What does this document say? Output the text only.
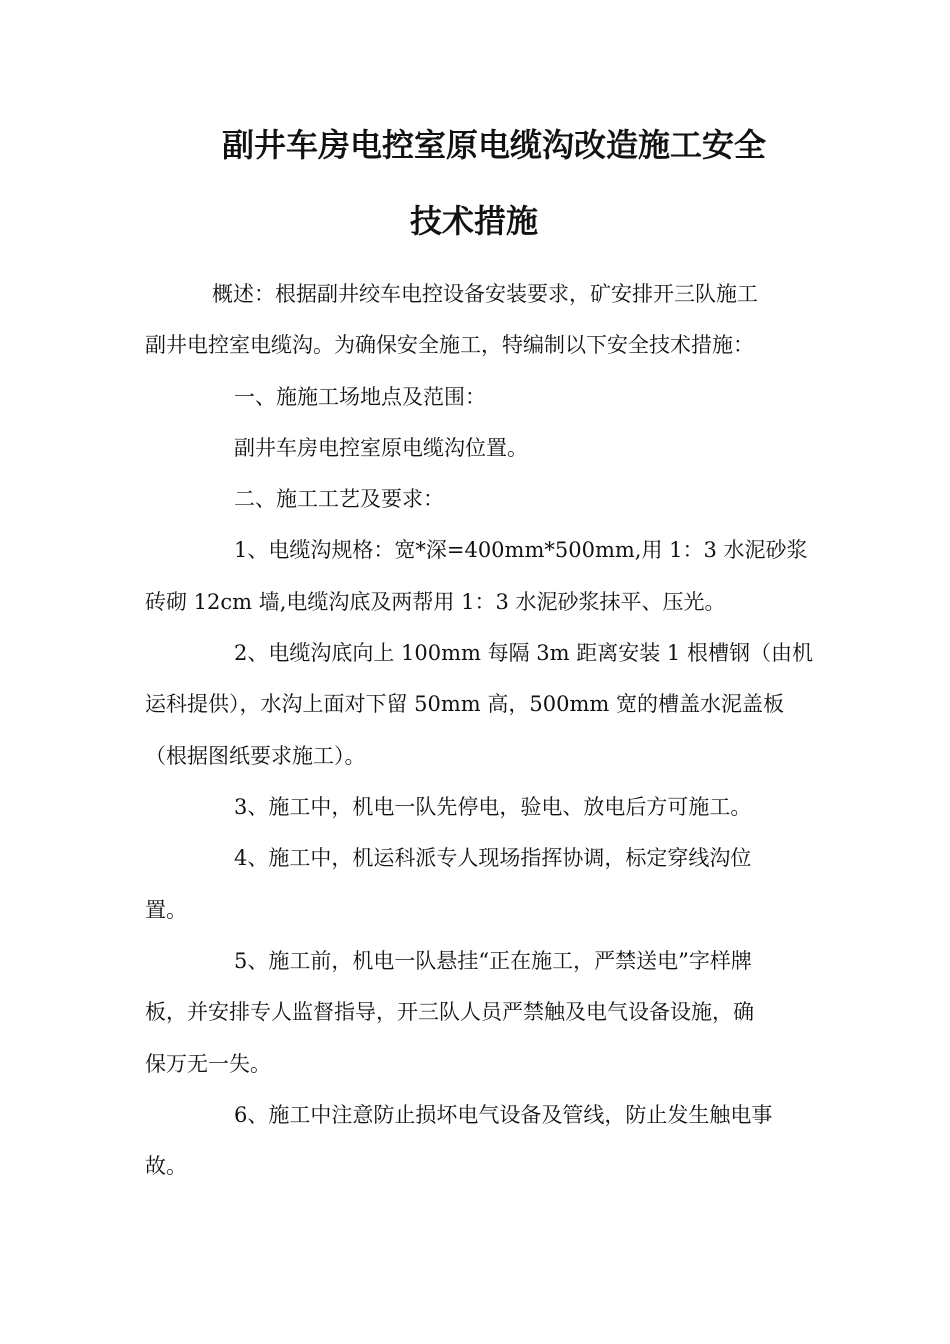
副井车房电控室原电缆沟改造施工安全
技术措施

概述：根据副井绞车电控设备安装要求，矿安排开三队施工

副井电控室电缆沟。为确保安全施工，特编制以下安全技术措施：

一、施施工场地点及范围：

副井车房电控室原电缆沟位置。

二、施工工艺及要求：

1、电缆沟规格：宽*深=400mm*500mm,用 1：3 水泥砂浆

砖砌 12cm 墙,电缆沟底及两帮用 1：3 水泥砂浆抹平、压光。

2、电缆沟底向上 100mm 每隔 3m 距离安装 1 根槽钢（由机

运科提供），水沟上面对下留 50mm 高，500mm 宽的槽盖水泥盖板

（根据图纸要求施工）。

3、施工中，机电一队先停电，验电、放电后方可施工。

4、施工中，机运科派专人现场指挥协调，标定穿线沟位

置。

5、施工前，机电一队悬挂“正在施工，严禁送电”字样牌

板，并安排专人监督指导，开三队人员严禁触及电气设备设施，确

保万无一失。

6、施工中注意防止损坏电气设备及管线，防止发生触电事

故。
